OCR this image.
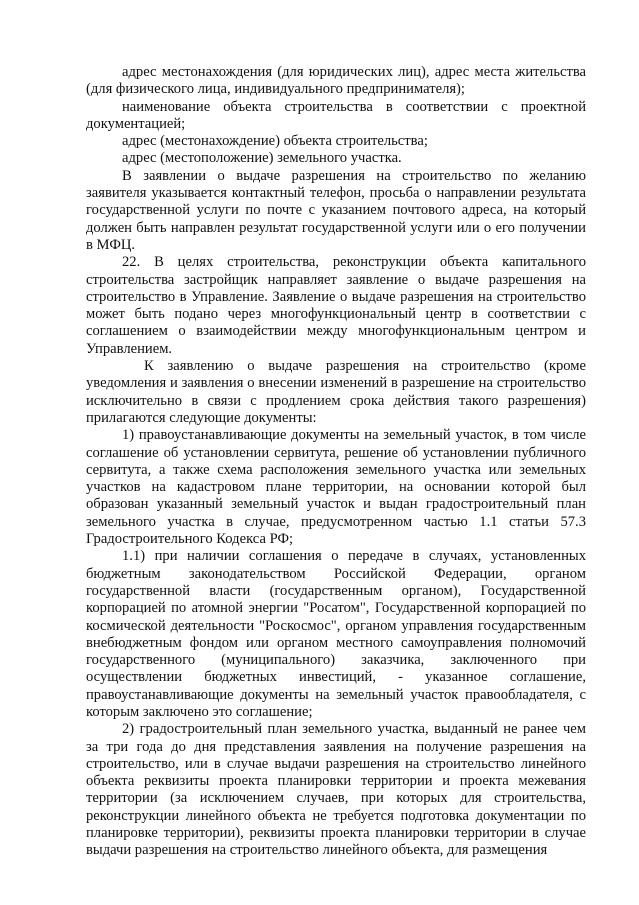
адрес местонахождения (для юридических лиц), адрес места жительства (для физического лица, индивидуального предпринимателя);

наименование объекта строительства в соответствии с проектной документацией;

адрес (местонахождение) объекта строительства;

адрес (местоположение) земельного участка.

В заявлении о выдаче разрешения на строительство по желанию заявителя указывается контактный телефон, просьба о направлении результата государственной услуги по почте с указанием почтового адреса, на который должен быть направлен результат государственной услуги или о его получении в МФЦ.

22. В целях строительства, реконструкции объекта капитального строительства застройщик направляет заявление о выдаче разрешения на строительство в Управление. Заявление о выдаче разрешения на строительство может быть подано через многофункциональный центр в соответствии с соглашением о взаимодействии между многофункциональным центром и Управлением.

К заявлению о выдаче разрешения на строительство (кроме уведомления и заявления о внесении изменений в разрешение на строительство исключительно в связи с продлением срока действия такого разрешения) прилагаются следующие документы:

1) правоустанавливающие документы на земельный участок, в том числе соглашение об установлении сервитута, решение об установлении публичного сервитута, а также схема расположения земельного участка или земельных участков на кадастровом плане территории, на основании которой был образован указанный земельный участок и выдан градостроительный план земельного участка в случае, предусмотренном частью 1.1 статьи 57.3 Градостроительного Кодекса РФ;

1.1) при наличии соглашения о передаче в случаях, установленных бюджетным законодательством Российской Федерации, органом государственной власти (государственным органом), Государственной корпорацией по атомной энергии "Росатом", Государственной корпорацией по космической деятельности "Роскосмос", органом управления государственным внебюджетным фондом или органом местного самоуправления полномочий государственного (муниципального) заказчика, заключенного при осуществлении бюджетных инвестиций, - указанное соглашение, правоустанавливающие документы на земельный участок правообладателя, с которым заключено это соглашение;

2) градостроительный план земельного участка, выданный не ранее чем за три года до дня представления заявления на получение разрешения на строительство, или в случае выдачи разрешения на строительство линейного объекта реквизиты проекта планировки территории и проекта межевания территории (за исключением случаев, при которых для строительства, реконструкции линейного объекта не требуется подготовка документации по планировке территории), реквизиты проекта планировки территории в случае выдачи разрешения на строительство линейного объекта, для размещения
